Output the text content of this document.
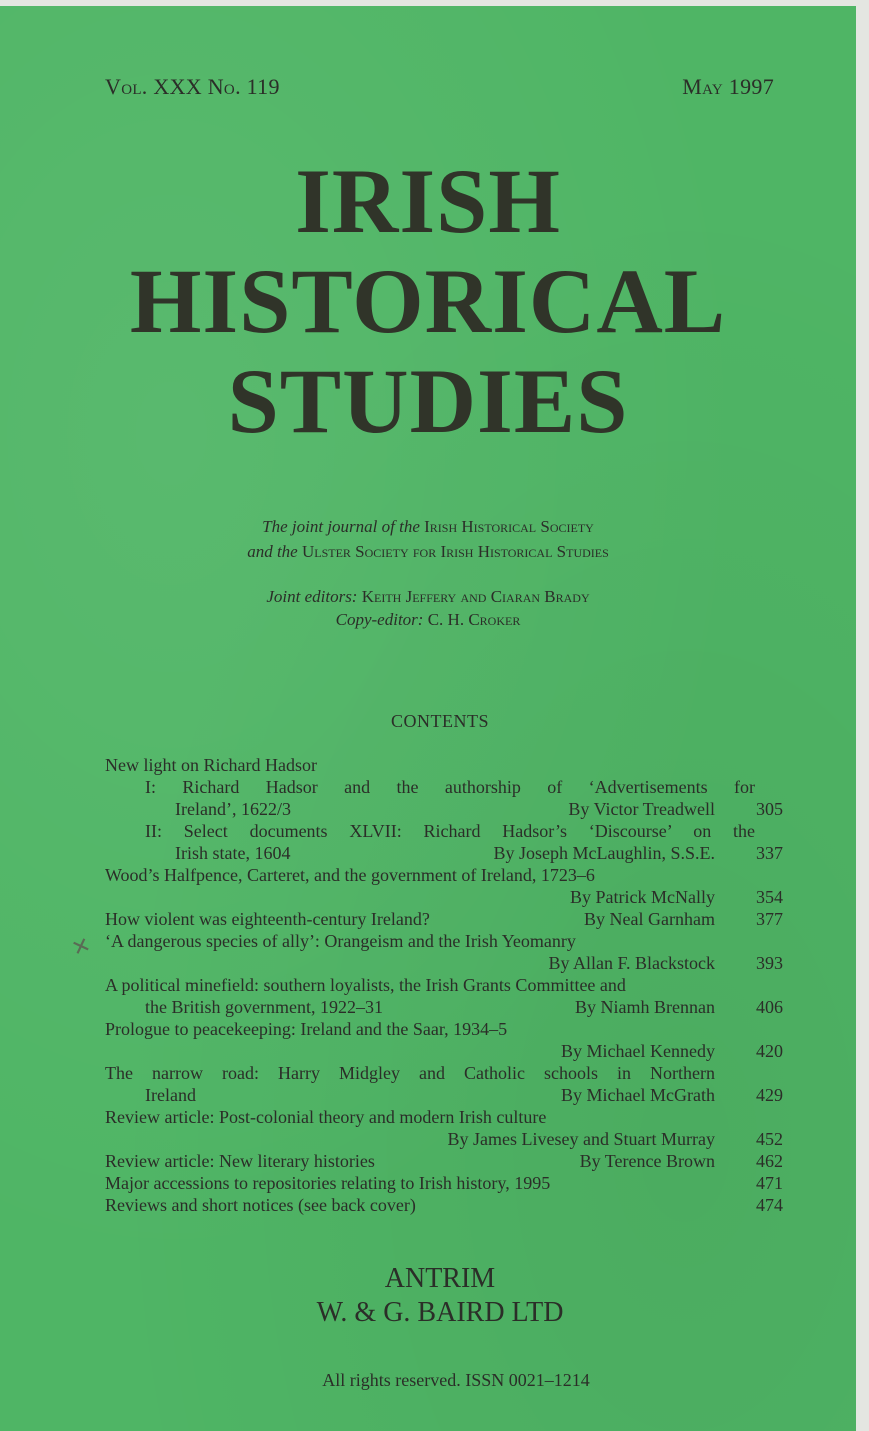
Vol. XXX No. 119	May 1997
IRISH
HISTORICAL
STUDIES
The joint journal of the Irish Historical Society
and the Ulster Society for Irish Historical Studies
Joint editors: Keith Jeffery and Ciaran Brady
Copy-editor: C. H. Croker
CONTENTS
✕
New light on Richard Hadsor
I: Richard Hadsor and the authorship of ‘Advertisements for
Ireland’, 1622/3	By Victor Treadwell	305
II: Select documents XLVII: Richard Hadsor’s ‘Discourse’ on the
Irish state, 1604	By Joseph McLaughlin, S.S.E.	337
Wood’s Halfpence, Carteret, and the government of Ireland, 1723–6
By Patrick McNally	354
How violent was eighteenth-century Ireland?	By Neal Garnham	377
‘A dangerous species of ally’: Orangeism and the Irish Yeomanry
By Allan F. Blackstock	393
A political minefield: southern loyalists, the Irish Grants Committee and
the British government, 1922–31	By Niamh Brennan	406
Prologue to peacekeeping: Ireland and the Saar, 1934–5
By Michael Kennedy	420
The narrow road: Harry Midgley and Catholic schools in Northern
Ireland	By Michael McGrath	429
Review article: Post-colonial theory and modern Irish culture
By James Livesey and Stuart Murray	452
Review article: New literary histories	By Terence Brown	462
Major accessions to repositories relating to Irish history, 1995	471
Reviews and short notices (see back cover)	474
ANTRIM
W. & G. BAIRD LTD
All rights reserved. ISSN 0021–1214
